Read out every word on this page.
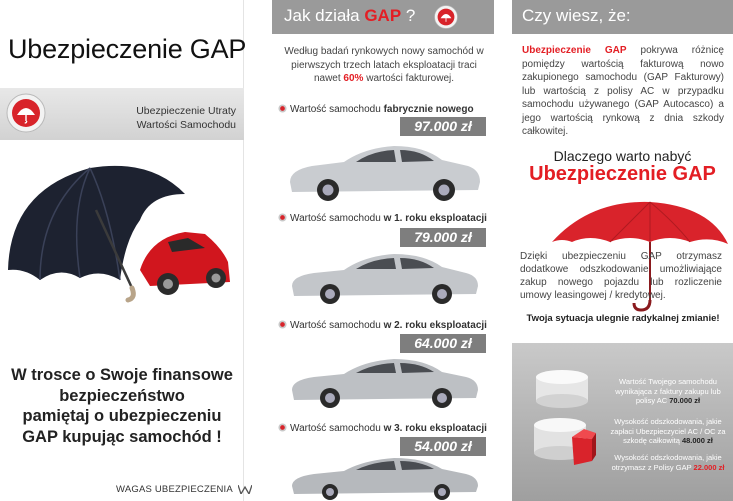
Ubezpieczenie GAP
Ubezpieczenie Utraty
Wartości Samochodu
W trosce o Swoje finansowe
bezpieczeństwo
pamiętaj o ubezpieczeniu
GAP kupując samochód !
WAGAS UBEZPIECZENIA
Jak działa GAP ?
Według badań rynkowych nowy samochód w pierwszych trzech latach eksploatacji traci nawet 60% wartości fakturowej.
Wartość samochodu fabrycznie nowego
97.000 zł
Wartość samochodu w 1. roku eksploatacji
79.000 zł
Wartość samochodu w 2. roku eksploatacji
64.000 zł
Wartość samochodu w 3. roku eksploatacji
54.000 zł
Czy wiesz, że:
Ubezpieczenie GAP pokrywa różnicę pomiędzy wartością fakturową nowo zakupionego samochodu (GAP Fakturowy) lub wartością z polisy AC w przypadku samochodu używanego (GAP Autocasco) a jego wartością rynkową z dnia szkody całkowitej.
Dlaczego warto nabyć
Ubezpieczenie GAP
Dzięki ubezpieczeniu GAP otrzymasz dodatkowe odszkodowanie umożliwiające zakup nowego pojazdu lub rozliczenie umowy leasingowej / kredytowej.
Twoja sytuacja ulegnie radykalnej zmianie!
Wartość Twojego samochodu wynikająca z faktury zakupu lub polisy AC 70.000 zł
Wysokość odszkodowania, jakie zapłaci Ubezpieczyciel AC / OC za szkodę całkowitą 48.000 zł
Wysokość odszkodowania, jakie otrzymasz z Polisy GAP 22.000 zł
